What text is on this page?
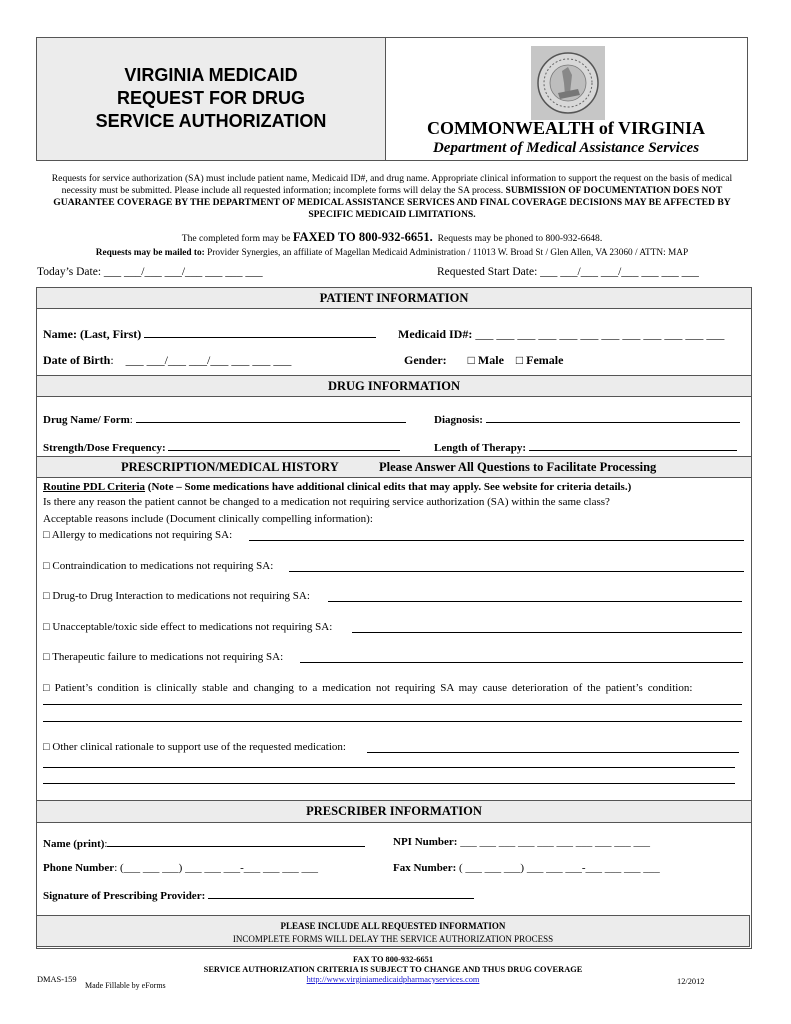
VIRGINIA MEDICAID
REQUEST FOR DRUG
SERVICE AUTHORIZATION	COMMONWEALTH of VIRGINIA
Department of Medical Assistance Services
Requests for service authorization (SA) must include patient name, Medicaid ID#, and drug name. Appropriate clinical information to support the request on the basis of medical necessity must be submitted. Please include all requested information; incomplete forms will delay the SA process. SUBMISSION OF DOCUMENTATION DOES NOT GUARANTEE COVERAGE BY THE DEPARTMENT OF MEDICAL ASSISTANCE SERVICES AND FINAL COVERAGE DECISIONS MAY BE AFFECTED BY SPECIFIC MEDICAID LIMITATIONS.
The completed form may be FAXED TO 800-932-6651. Requests may be phoned to 800-932-6648.
Requests may be mailed to: Provider Synergies, an affiliate of Magellan Medicaid Administration / 11013 W. Broad St / Glen Allen, VA 23060 / ATTN: MAP
Today’s Date: ___ ___/___ ___/___ ___ ___ ___	Requested Start Date: ___ ___/___ ___/___ ___ ___ ___
PATIENT INFORMATION
Name: (Last, First)	Medicaid ID#: ___ ___ ___ ___ ___ ___ ___ ___ ___ ___ ___ ___
Date of Birth: ___ ___/___ ___/___ ___ ___ ___	Gender: □ Male □ Female
DRUG INFORMATION
Drug Name/ Form:	Diagnosis:
Strength/Dose Frequency:	Length of Therapy:
PRESCRIPTION/MEDICAL HISTORY	Please Answer All Questions to Facilitate Processing
Routine PDL Criteria (Note – Some medications have additional clinical edits that may apply. See website for criteria details.)
Is there any reason the patient cannot be changed to a medication not requiring service authorization (SA) within the same class?
Acceptable reasons include (Document clinically compelling information):
□ Allergy to medications not requiring SA:
□ Contraindication to medications not requiring SA:
□ Drug-to Drug Interaction to medications not requiring SA:
□ Unacceptable/toxic side effect to medications not requiring SA:
□ Therapeutic failure to medications not requiring SA:
□ Patient’s condition is clinically stable and changing to a medication not requiring SA may cause deterioration of the patient’s condition:
□ Other clinical rationale to support use of the requested medication:
PRESCRIBER INFORMATION
Name (print):	NPI Number: ___ ___ ___ ___ ___ ___ ___ ___ ___ ___
Phone Number: (___ ___ ___) ___ ___ ___-___ ___ ___ ___	Fax Number: ( ___ ___ ___) ___ ___ ___-___ ___ ___ ___
Signature of Prescribing Provider:
PLEASE INCLUDE ALL REQUESTED INFORMATION
INCOMPLETE FORMS WILL DELAY THE SERVICE AUTHORIZATION PROCESS
FAX TO 800-932-6651
SERVICE AUTHORIZATION CRITERIA IS SUBJECT TO CHANGE AND THUS DRUG COVERAGE
http://www.virginiamedicaidpharmacyservices.com
DMAS-159
Made Fillable by eForms	12/2012
